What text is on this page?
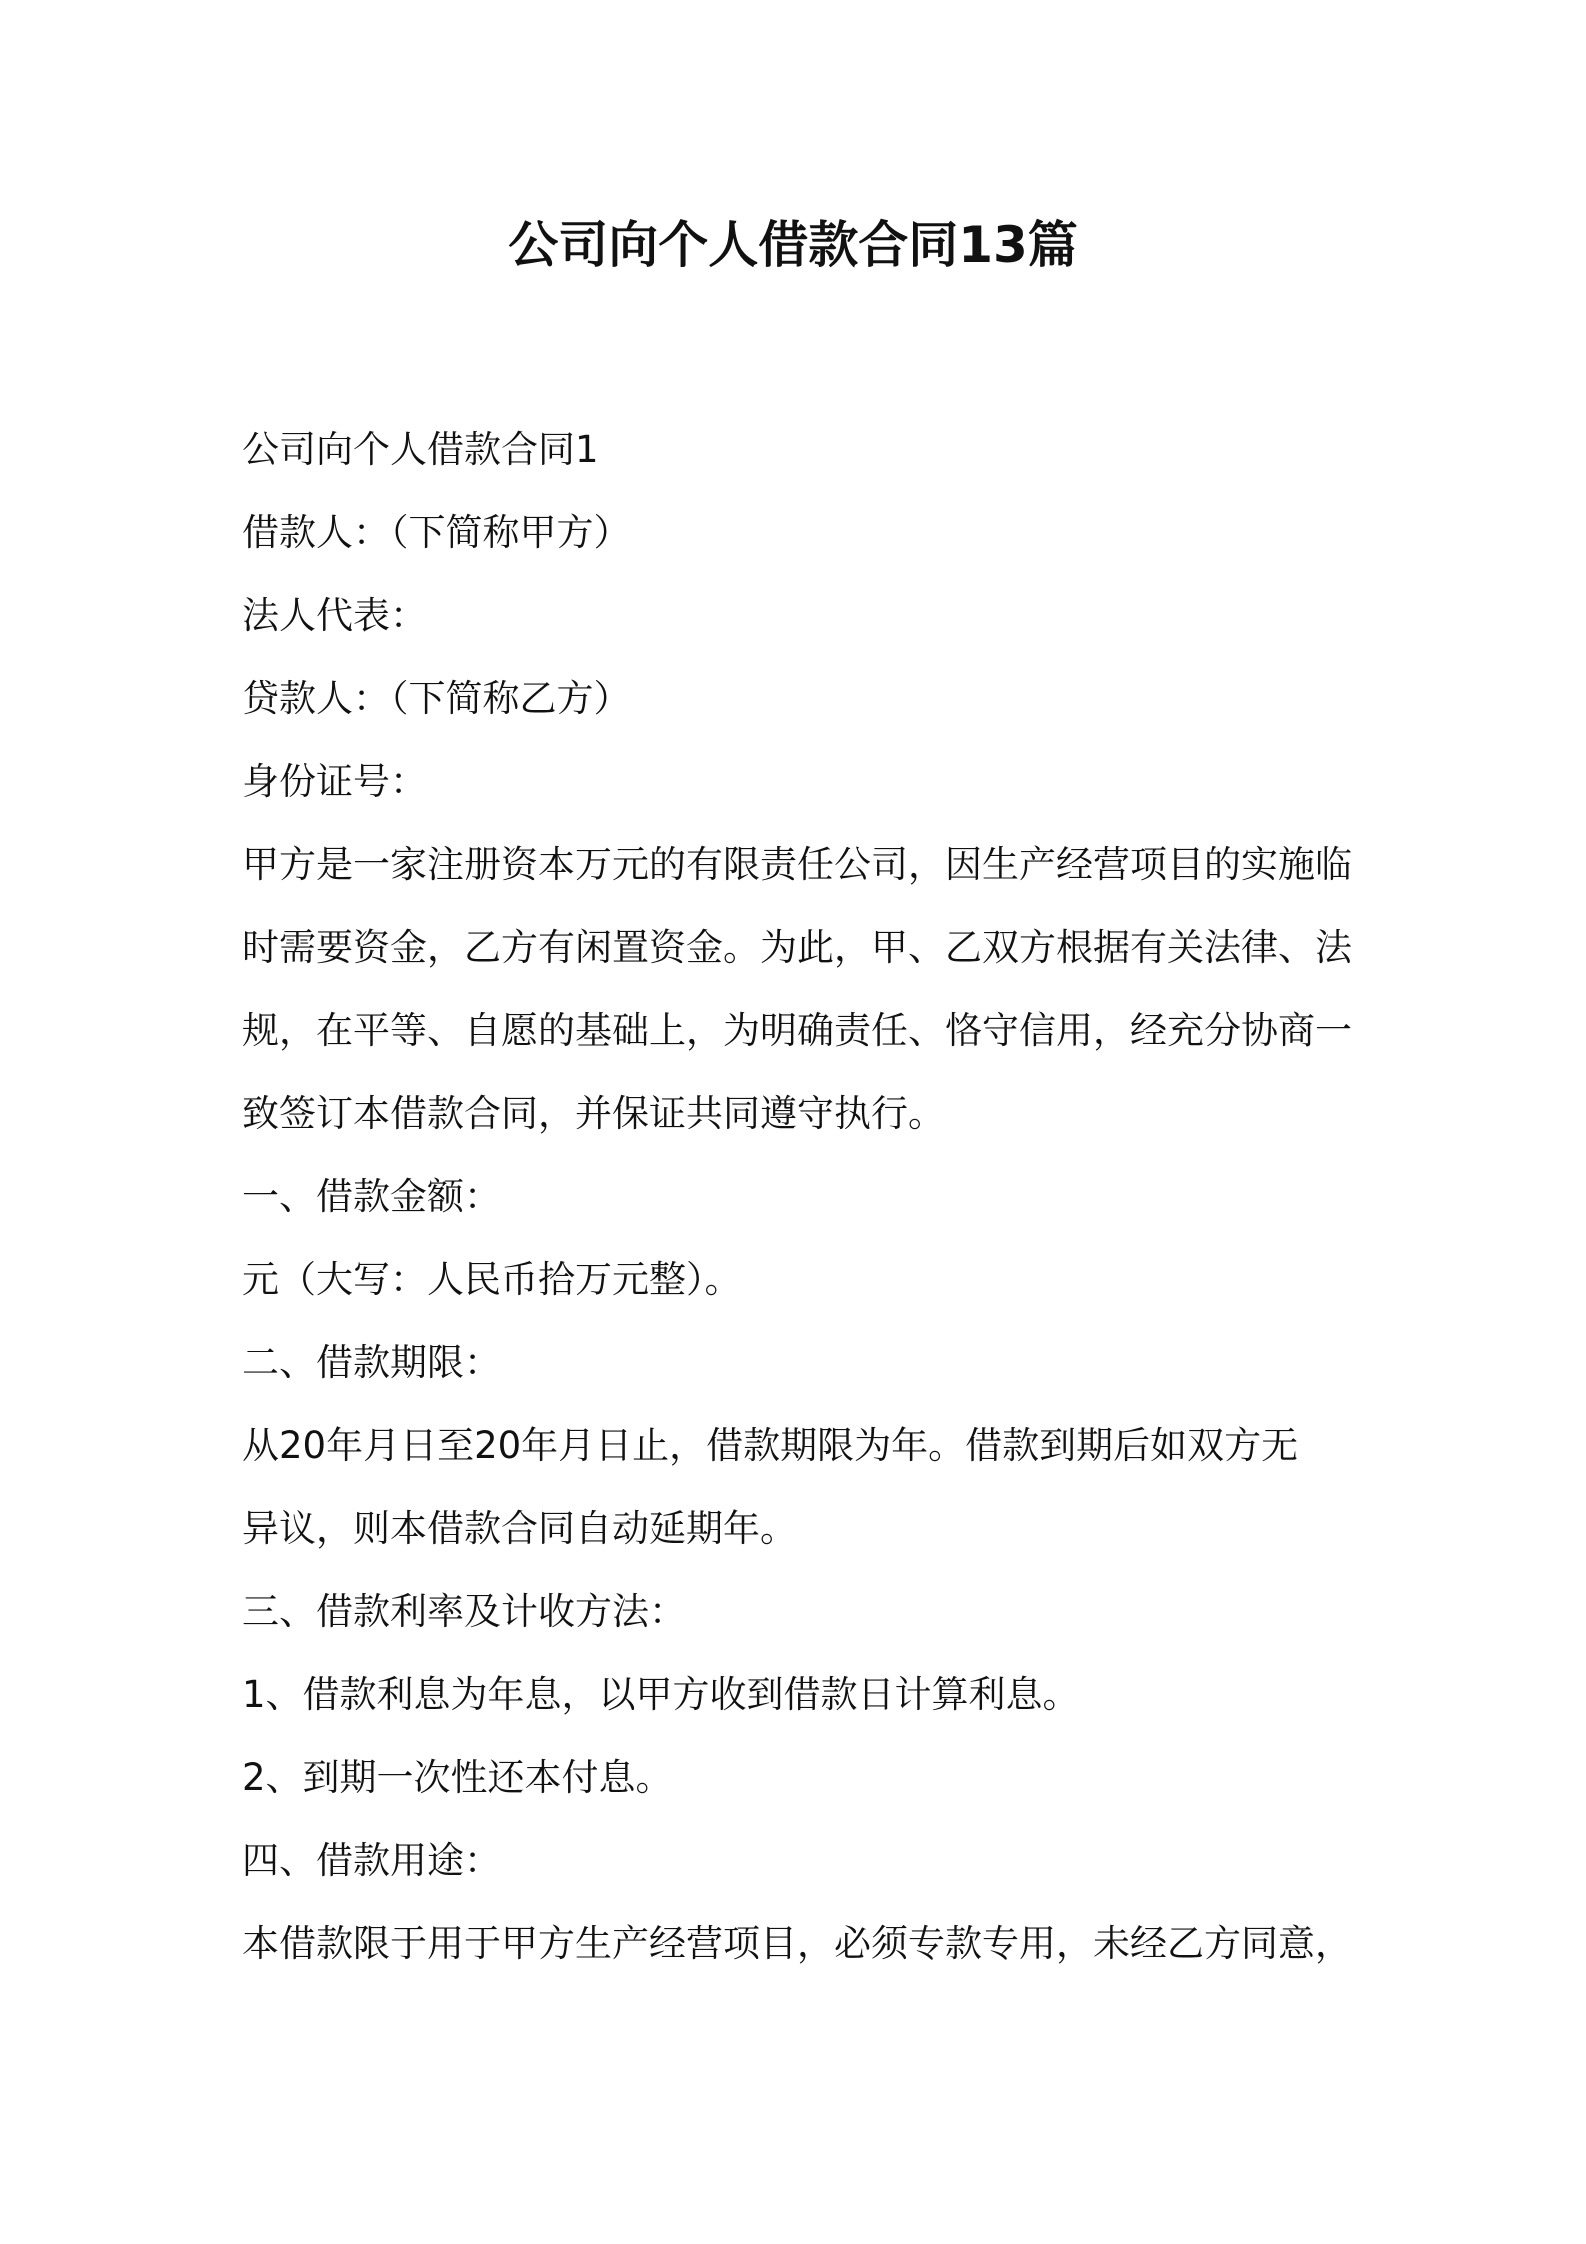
公司向个人借款合同13篇

公司向个人借款合同1

借款人：（下简称甲方）

法人代表：

贷款人：（下简称乙方）

身份证号：

甲方是一家注册资本万元的有限责任公司，因生产经营项目的实施临

时需要资金，乙方有闲置资金。为此，甲、乙双方根据有关法律、法

规，在平等、自愿的基础上，为明确责任、恪守信用，经充分协商一

致签订本借款合同，并保证共同遵守执行。

一、借款金额：

元（大写：人民币拾万元整）。

二、借款期限：

从20年月日至20年月日止，借款期限为年。借款到期后如双方无

异议，则本借款合同自动延期年。

三、借款利率及计收方法：

1、借款利息为年息，以甲方收到借款日计算利息。

2、到期一次性还本付息。

四、借款用途：

本借款限于用于甲方生产经营项目，必须专款专用，未经乙方同意，
